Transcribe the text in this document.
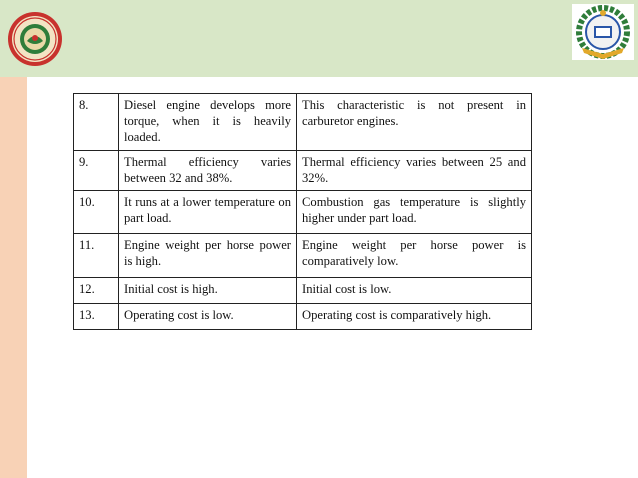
8.	Diesel engine develops more torque, when it is heavily loaded.	This characteristic is not present in carburetor engines.
9.	Thermal efficiency varies between 32 and 38%.	Thermal efficiency varies between 25 and 32%.
10.	It runs at a lower temperature on part load.	Combustion gas temperature is slightly higher under part load.
11.	Engine weight per horse power is high.	Engine weight per horse power is comparatively low.
12.	Initial cost is high.	Initial cost is low.
13.	Operating cost is low.	Operating cost is comparatively high.
